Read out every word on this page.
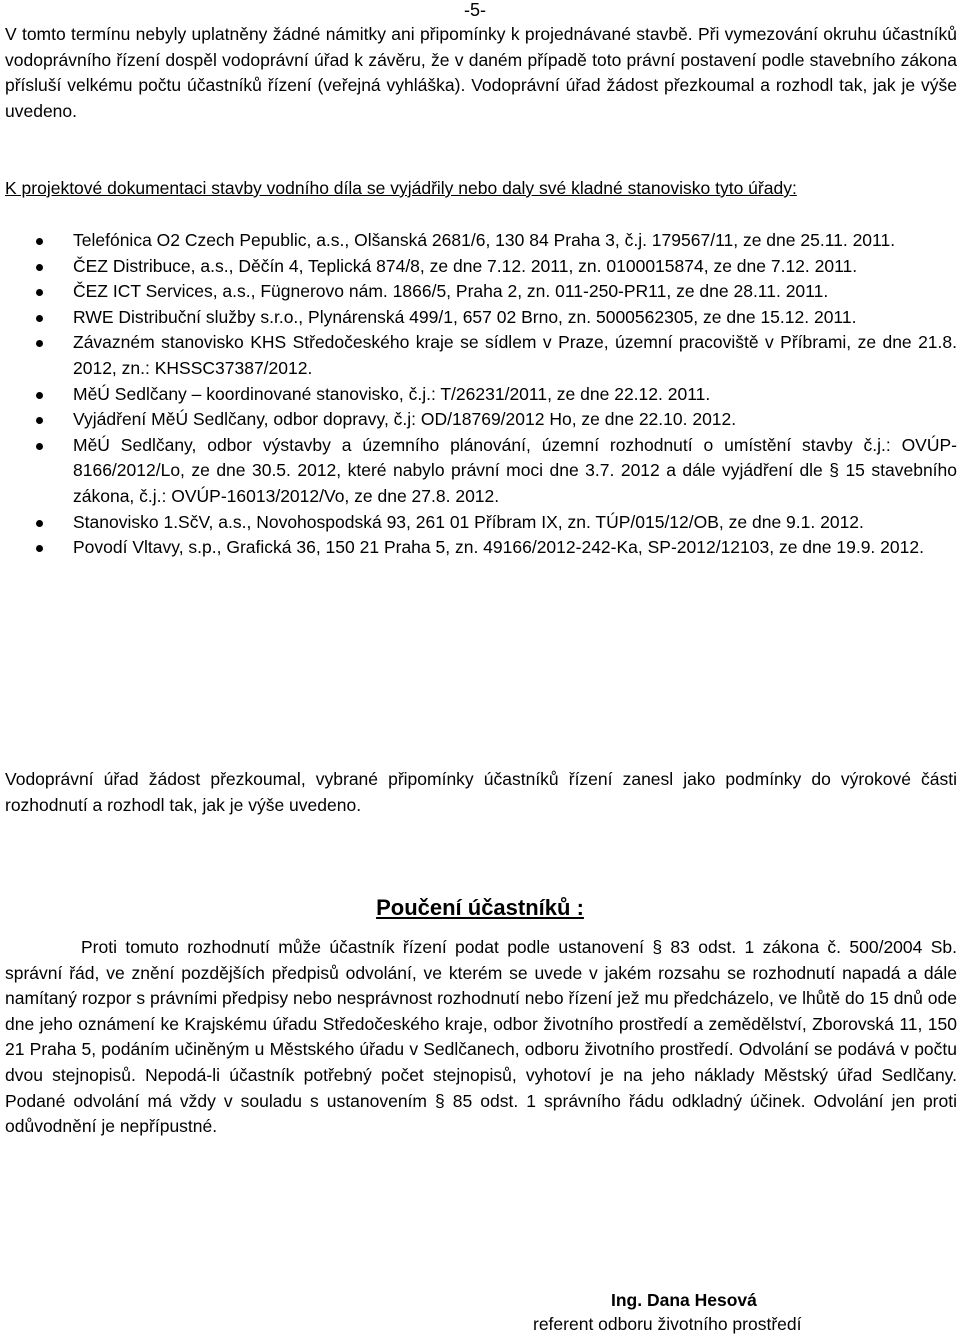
-5-

V tomto termínu nebyly uplatněny žádné námitky ani připomínky k projednávané stavbě. Při vymezování okruhu účastníků vodoprávního řízení dospěl vodoprávní úřad k závěru, že v daném případě toto právní postavení podle stavebního zákona přísluší velkému počtu účastníků řízení (veřejná vyhláška). Vodoprávní úřad žádost přezkoumal a rozhodl tak, jak je výše uvedeno.

K projektové dokumentaci stavby vodního díla se vyjádřily nebo daly své kladné stanovisko tyto úřady:

Telefónica O2 Czech Pepublic, a.s., Olšanská 2681/6, 130 84 Praha 3, č.j. 179567/11, ze dne 25.11. 2011.
ČEZ Distribuce, a.s., Děčín 4, Teplická 874/8, ze dne 7.12. 2011, zn. 0100015874, ze dne 7.12. 2011.
ČEZ ICT Services, a.s., Fügnerovo nám. 1866/5, Praha 2, zn. 011-250-PR11, ze dne 28.11. 2011.
RWE Distribuční služby s.r.o., Plynárenská 499/1, 657 02 Brno, zn. 5000562305, ze dne 15.12. 2011.
Závazném stanovisko KHS Středočeského kraje se sídlem v Praze, územní pracoviště v Příbrami, ze dne 21.8. 2012, zn.: KHSSC37387/2012.
MěÚ Sedlčany – koordinované stanovisko, č.j.: T/26231/2011, ze dne 22.12. 2011.
Vyjádření MěÚ Sedlčany, odbor dopravy, č.j: OD/18769/2012 Ho, ze dne 22.10. 2012.
MěÚ Sedlčany, odbor výstavby a územního plánování, územní rozhodnutí o umístění stavby č.j.: OVÚP-8166/2012/Lo, ze dne 30.5. 2012, které nabylo právní moci dne 3.7. 2012 a dále vyjádření dle § 15 stavebního zákona, č.j.: OVÚP-16013/2012/Vo, ze dne 27.8. 2012.
Stanovisko 1.SčV, a.s., Novohospodská 93, 261 01 Příbram IX, zn. TÚP/015/12/OB, ze dne 9.1. 2012.
Povodí Vltavy, s.p., Grafická 36, 150 21 Praha 5, zn. 49166/2012-242-Ka, SP-2012/12103, ze dne 19.9. 2012.

Vodoprávní úřad žádost přezkoumal, vybrané připomínky účastníků řízení zanesl jako podmínky do výrokové části rozhodnutí a rozhodl tak, jak je výše uvedeno.

Poučení účastníků :

Proti tomuto rozhodnutí může účastník řízení podat podle ustanovení § 83 odst. 1 zákona č. 500/2004 Sb. správní řád, ve znění pozdějších předpisů odvolání, ve kterém se uvede v jakém rozsahu se rozhodnutí napadá a dále namítaný rozpor s právními předpisy nebo nesprávnost rozhodnutí nebo řízení jež mu předcházelo, ve lhůtě do 15 dnů ode dne jeho oznámení ke Krajskému úřadu Středočeského kraje, odbor životního prostředí a zemědělství, Zborovská 11, 150 21 Praha 5, podáním učiněným u Městského úřadu v Sedlčanech, odboru životního prostředí. Odvolání se podává v počtu dvou stejnopisů. Nepodá-li účastník potřebný počet stejnopisů, vyhotoví je na jeho náklady Městský úřad Sedlčany. Podané odvolání má vždy v souladu s ustanovením § 85 odst. 1 správního řádu odkladný účinek. Odvolání jen proti odůvodnění je nepřípustné.

Ing. Dana Hesová
referent odboru životního prostředí
